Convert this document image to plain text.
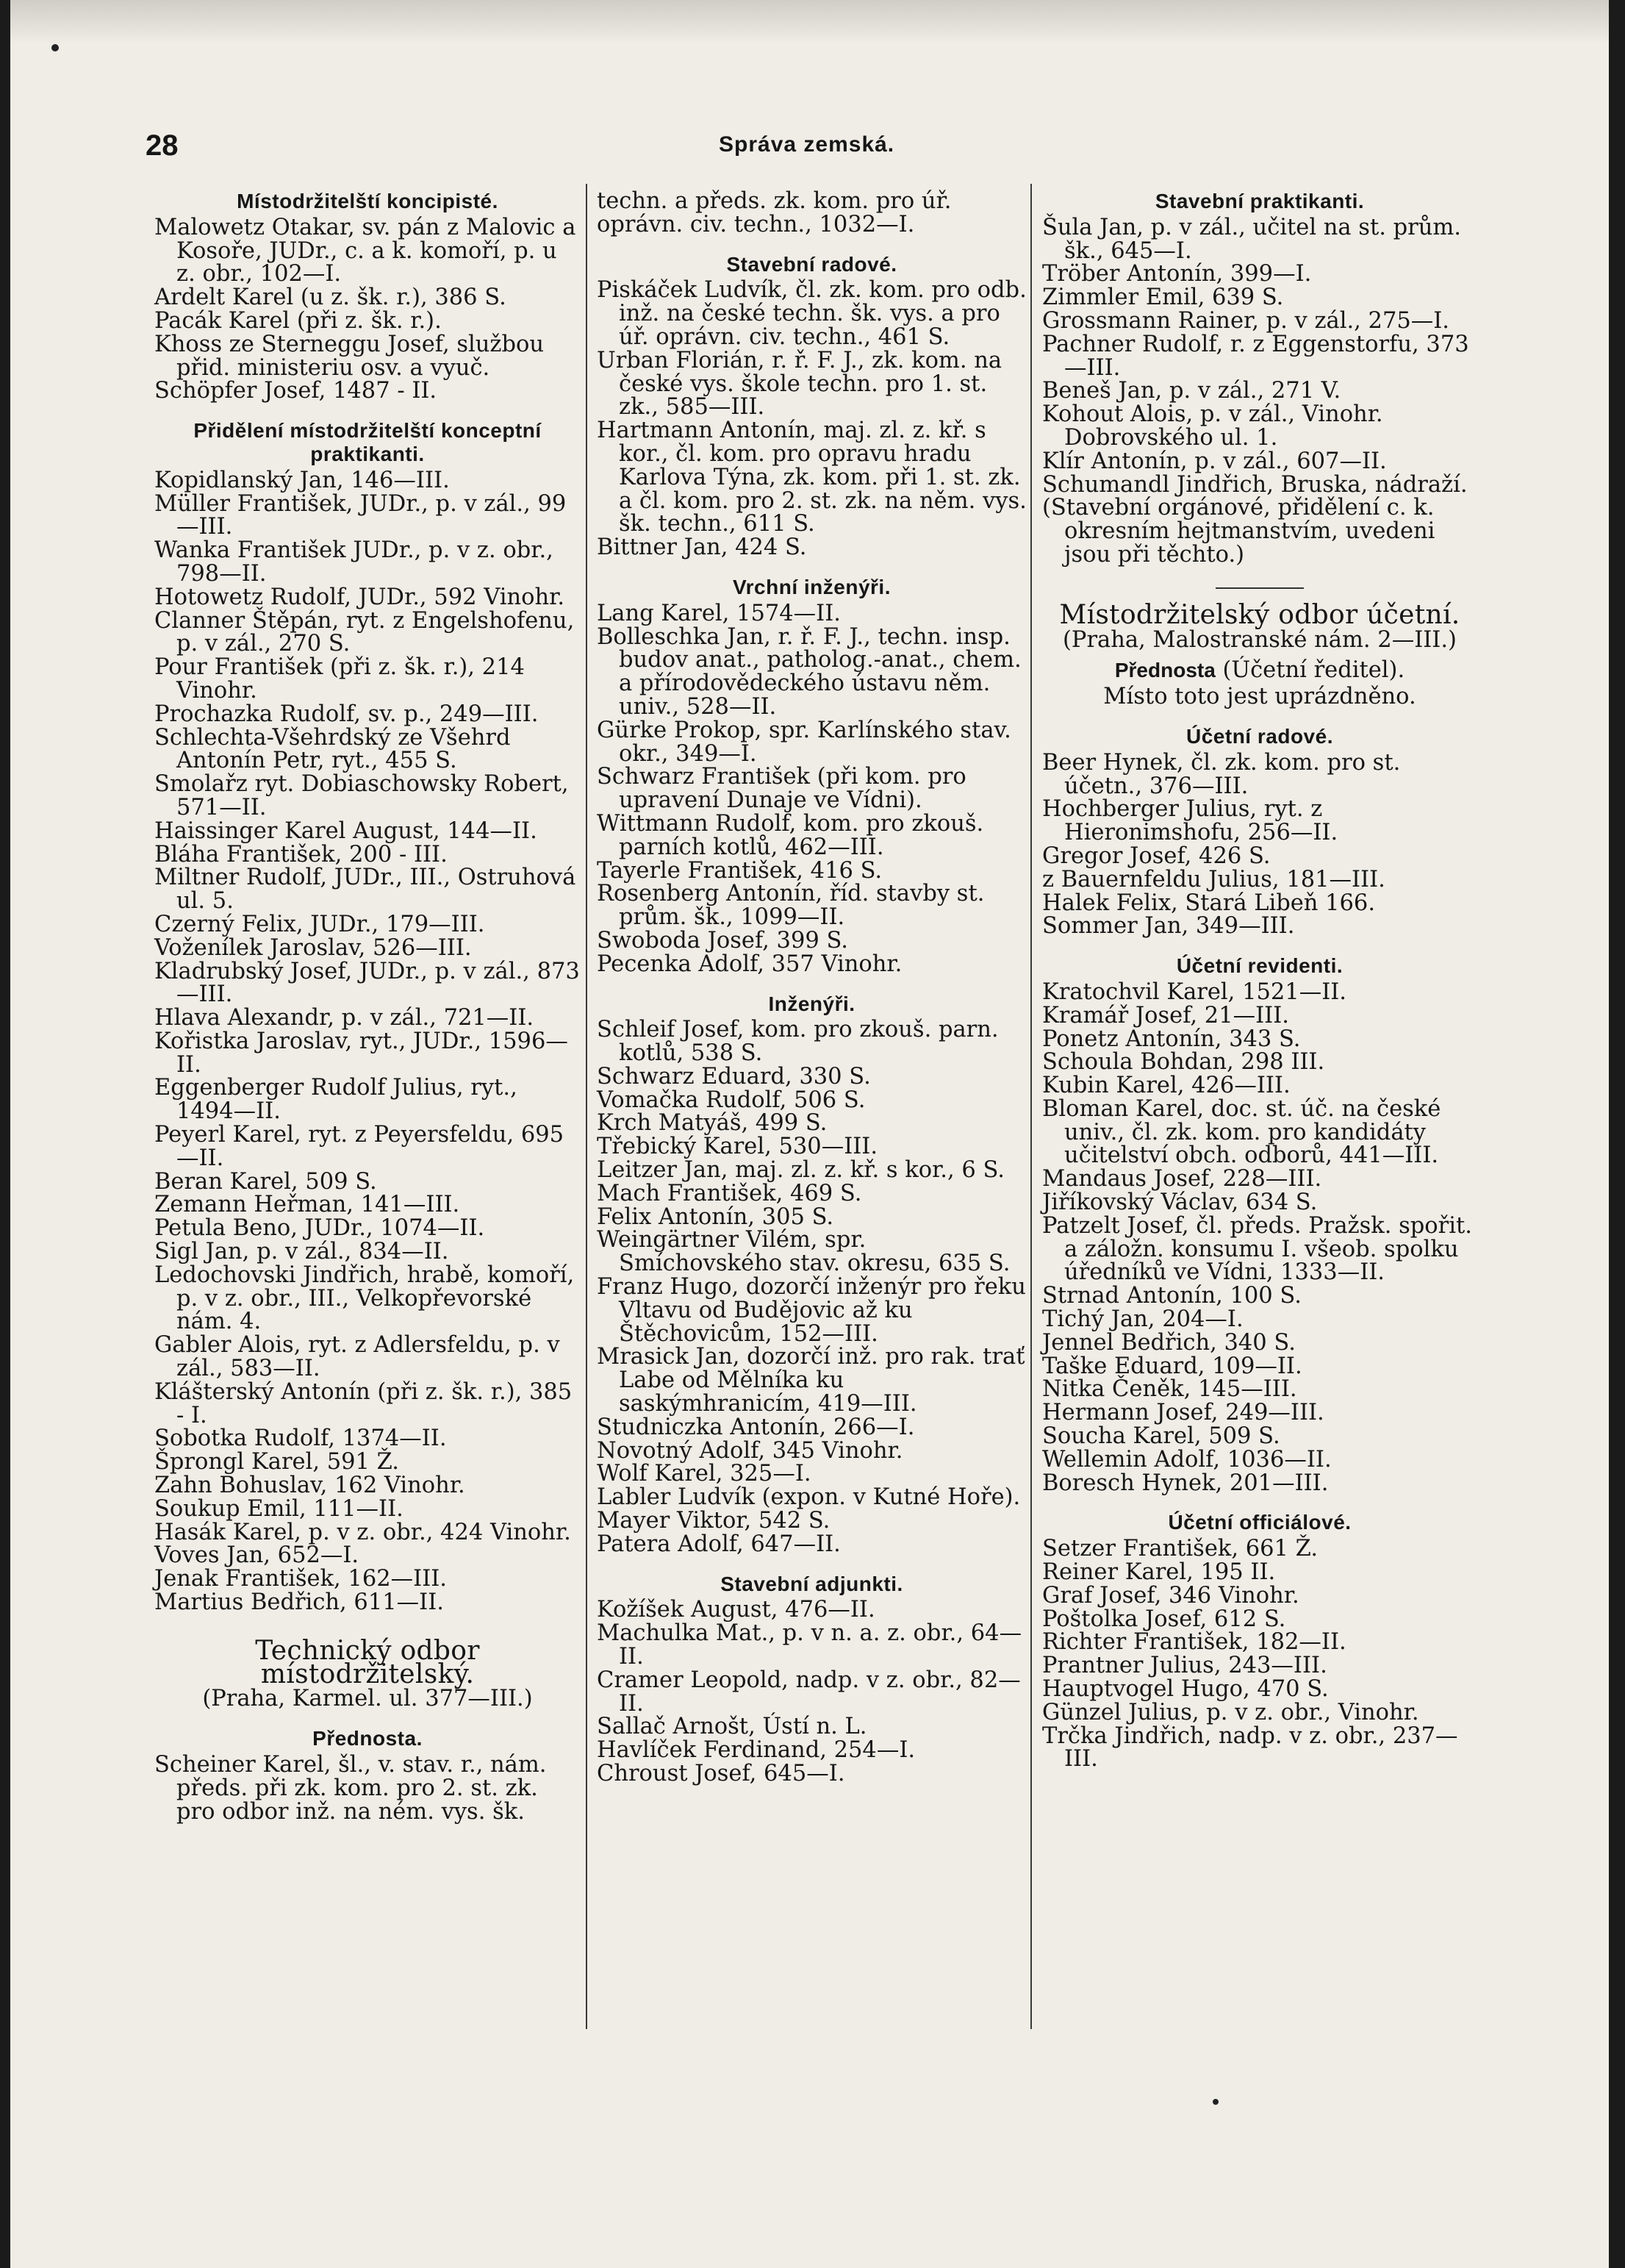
28	Správa zemská.
Místodržitelští koncipisté.

Malowetz Otakar, sv. pán z Malovic a Kosoře, JUDr., c. a k. komoří, p. u z. obr., 102—I.

Ardelt Karel (u z. šk. r.), 386 S.

Pacák Karel (při z. šk. r.).

Khoss ze Sterneggu Josef, službou přid. ministeriu osv. a vyuč.

Schöpfer Josef, 1487 - II.

Přidělení místodržitelští konceptní praktikanti.

Kopidlanský Jan, 146—III.

Müller František, JUDr., p. v zál., 99—III.

Wanka František JUDr., p. v z. obr., 798—II.

Hotowetz Rudolf, JUDr., 592 Vinohr.

Clanner Štěpán, ryt. z Engelshofenu, p. v zál., 270 S.

Pour František (při z. šk. r.), 214 Vinohr.

Prochazka Rudolf, sv. p., 249—III.

Schlechta-Všehrdský ze Všehrd Antonín Petr, ryt., 455 S.

Smolařz ryt. Dobiaschowsky Robert, 571—II.

Haissinger Karel August, 144—II.

Bláha František, 200 - III.

Miltner Rudolf, JUDr., III., Ostruhová ul. 5.

Czerný Felix, JUDr., 179—III.

Voženílek Jaroslav, 526—III.

Kladrubský Josef, JUDr., p. v zál., 873—III.

Hlava Alexandr, p. v zál., 721—II.

Kořistka Jaroslav, ryt., JUDr., 1596—II.

Eggenberger Rudolf Julius, ryt., 1494—II.

Peyerl Karel, ryt. z Peyersfeldu, 695—II.

Beran Karel, 509 S.

Zemann Heřman, 141—III.

Petula Beno, JUDr., 1074—II.

Sigl Jan, p. v zál., 834—II.

Ledochovski Jindřich, hrabě, komoří, p. v z. obr., III., Velkopřevorské nám. 4.

Gabler Alois, ryt. z Adlersfeldu, p. v zál., 583—II.

Klášterský Antonín (při z. šk. r.), 385 - I.

Sobotka Rudolf, 1374—II.

Šprongl Karel, 591 Ž.

Zahn Bohuslav, 162 Vinohr.

Soukup Emil, 111—II.

Hasák Karel, p. v z. obr., 424 Vinohr.

Voves Jan, 652—I.

Jenak František, 162—III.

Martius Bedřich, 611—II.

Technický odbor místodržitelský.
(Praha, Karmel. ul. 377—III.)
Přednosta.

Scheiner Karel, šl., v. stav. r., nám. předs. při zk. kom. pro 2. st. zk. pro odbor inž. na ném. vys. šk.

techn. a předs. zk. kom. pro úř. oprávn. civ. techn., 1032—I.

Stavební radové.

Piskáček Ludvík, čl. zk. kom. pro odb. inž. na české techn. šk. vys. a pro úř. oprávn. civ. techn., 461 S.

Urban Florián, r. ř. F. J., zk. kom. na české vys. škole techn. pro 1. st. zk., 585—III.

Hartmann Antonín, maj. zl. z. kř. s kor., čl. kom. pro opravu hradu Karlova Týna, zk. kom. při 1. st. zk. a čl. kom. pro 2. st. zk. na něm. vys. šk. techn., 611 S.

Bittner Jan, 424 S.

Vrchní inženýři.

Lang Karel, 1574—II.

Bolleschka Jan, r. ř. F. J., techn. insp. budov anat., patholog.-anat., chem. a přírodovědeckého ústavu něm. univ., 528—II.

Gürke Prokop, spr. Karlínského stav. okr., 349—I.

Schwarz František (při kom. pro upravení Dunaje ve Vídni).

Wittmann Rudolf, kom. pro zkouš. parních kotlů, 462—III.

Tayerle František, 416 S.

Rosenberg Antonín, říd. stavby st. prům. šk., 1099—II.

Swoboda Josef, 399 S.

Pecenka Adolf, 357 Vinohr.

Inženýři.

Schleif Josef, kom. pro zkouš. parn. kotlů, 538 S.

Schwarz Eduard, 330 S.

Vomačka Rudolf, 506 S.

Krch Matyáš, 499 S.

Třebický Karel, 530—III.

Leitzer Jan, maj. zl. z. kř. s kor., 6 S.

Mach František, 469 S.

Felix Antonín, 305 S.

Weingärtner Vilém, spr. Smíchovského stav. okresu, 635 S.

Franz Hugo, dozorčí inženýr pro řeku Vltavu od Budějovic až ku Štěchovicům, 152—III.

Mrasick Jan, dozorčí inž. pro rak. trať Labe od Mělníka ku saskýmhranicím, 419—III.

Studniczka Antonín, 266—I.

Novotný Adolf, 345 Vinohr.

Wolf Karel, 325—I.

Labler Ludvík (expon. v Kutné Hoře).

Mayer Viktor, 542 S.

Patera Adolf, 647—II.

Stavební adjunkti.

Kožíšek August, 476—II.

Machulka Mat., p. v n. a. z. obr., 64—II.

Cramer Leopold, nadp. v z. obr., 82—II.

Sallač Arnošt, Ústí n. L.

Havlíček Ferdinand, 254—I.

Chroust Josef, 645—I.

Stavební praktikanti.

Šula Jan, p. v zál., učitel na st. prům. šk., 645—I.

Tröber Antonín, 399—I.

Zimmler Emil, 639 S.

Grossmann Rainer, p. v zál., 275—I.

Pachner Rudolf, r. z Eggenstorfu, 373—III.

Beneš Jan, p. v zál., 271 V.

Kohout Alois, p. v zál., Vinohr. Dobrovského ul. 1.

Klír Antonín, p. v zál., 607—II.

Schumandl Jindřich, Bruska, nádraží.

(Stavební orgánové, přidělení c. k. okresním hejtmanstvím, uvedeni jsou při těchto.)

Místodržitelský odbor účetní.
(Praha, Malostranské nám. 2—III.)
Přednosta (Účetní ředitel).

Místo toto jest uprázdněno.

Účetní radové.

Beer Hynek, čl. zk. kom. pro st. účetn., 376—III.

Hochberger Julius, ryt. z Hieronimshofu, 256—II.

Gregor Josef, 426 S.

z Bauernfeldu Julius, 181—III.

Halek Felix, Stará Libeň 166.

Sommer Jan, 349—III.

Účetní revidenti.

Kratochvil Karel, 1521—II.

Kramář Josef, 21—III.

Ponetz Antonín, 343 S.

Schoula Bohdan, 298 III.

Kubin Karel, 426—III.

Bloman Karel, doc. st. úč. na české univ., čl. zk. kom. pro kandidáty učitelství obch. odborů, 441—III.

Mandaus Josef, 228—III.

Jiříkovský Václav, 634 S.

Patzelt Josef, čl. předs. Pražsk. spořit. a záložn. konsumu I. všeob. spolku úředníků ve Vídni, 1333—II.

Strnad Antonín, 100 S.

Tichý Jan, 204—I.

Jennel Bedřich, 340 S.

Taške Eduard, 109—II.

Nitka Čeněk, 145—III.

Hermann Josef, 249—III.

Soucha Karel, 509 S.

Wellemin Adolf, 1036—II.

Boresch Hynek, 201—III.

Účetní officiálové.

Setzer František, 661 Ž.

Reiner Karel, 195 II.

Graf Josef, 346 Vinohr.

Poštolka Josef, 612 S.

Richter František, 182—II.

Prantner Julius, 243—III.

Hauptvogel Hugo, 470 S.

Günzel Julius, p. v z. obr., Vinohr.

Trčka Jindřich, nadp. v z. obr., 237—III.
